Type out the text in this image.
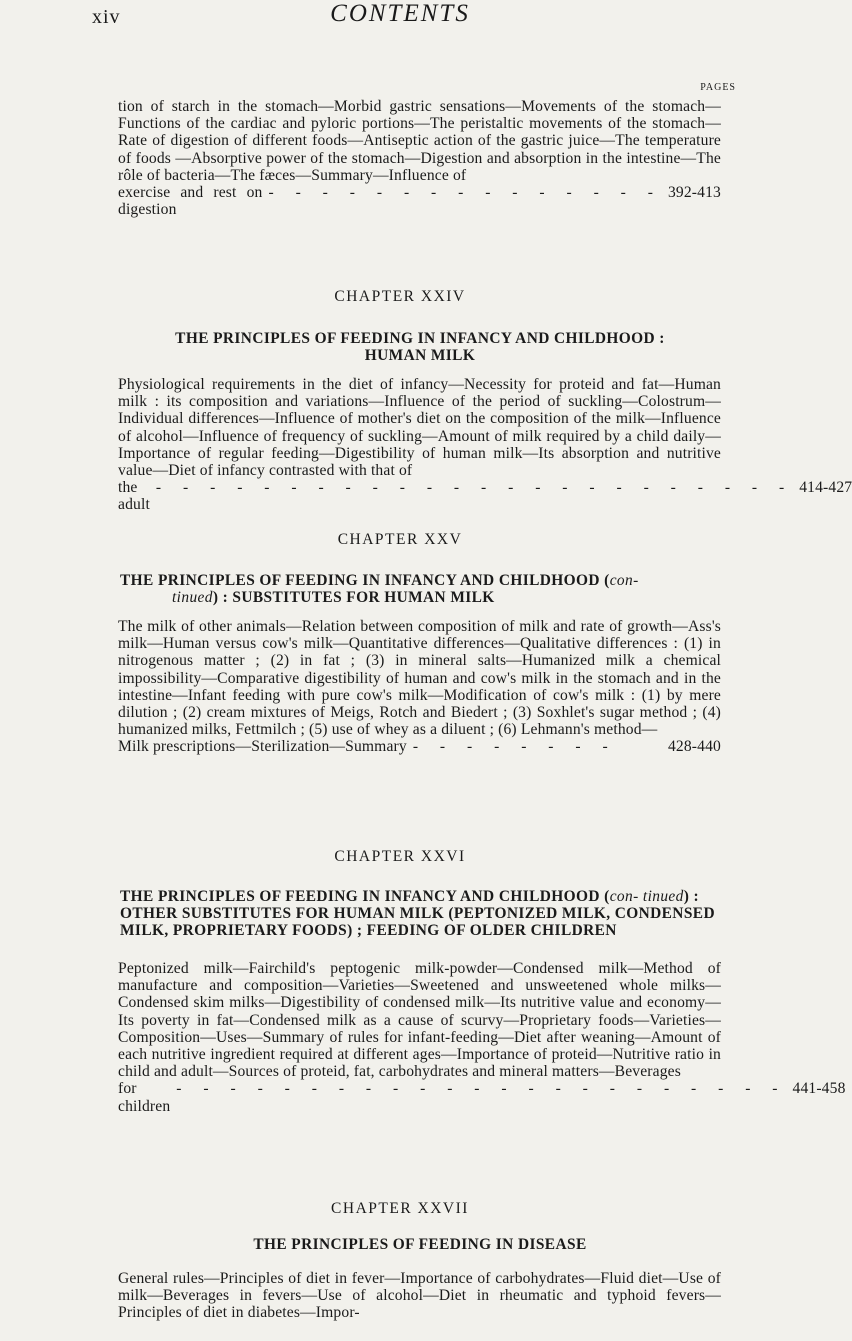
xiv	CONTENTS
PAGES
tion of starch in the stomach—Morbid gastric sensations—Movements of the stomach—Functions of the cardiac and pyloric portions—The peristaltic movements of the stomach—Rate of digestion of different foods—Antiseptic action of the gastric juice—The temperature of foods —Absorptive power of the stomach—Digestion and absorption in the intestine—The rôle of bacteria—The fæces—Summary—Influence of
exercise and rest on digestion
- - - - - - - - - - - - - - - 392-413
CHAPTER XXIV
THE PRINCIPLES OF FEEDING IN INFANCY AND CHILDHOOD :
HUMAN MILK
Physiological requirements in the diet of infancy—Necessity for proteid and fat—Human milk : its composition and variations—Influence of the period of suckling—Colostrum—Individual differences—Influence of mother's diet on the composition of the milk—Influence of alcohol—Influence of frequency of suckling—Amount of milk required by a child daily—Importance of regular feeding—Digestibility of human milk—Its absorption and nutritive value—Diet of infancy contrasted with that of
the adult
- - - - - - - - - - - - - - - - - - - - - - - - 414-427
CHAPTER XXV
THE PRINCIPLES OF FEEDING IN INFANCY AND CHILDHOOD (con-
tinued) : SUBSTITUTES FOR HUMAN MILK
The milk of other animals—Relation between composition of milk and rate of growth—Ass's milk—Human versus cow's milk—Quantitative differences—Qualitative differences : (1) in nitrogenous matter ; (2) in fat ; (3) in mineral salts—Humanized milk a chemical impossibility—Comparative digestibility of human and cow's milk in the stomach and in the intestine—Infant feeding with pure cow's milk—Modification of cow's milk : (1) by mere dilution ; (2) cream mixtures of Meigs, Rotch and Biedert ; (3) Soxhlet's sugar method ; (4) humanized milks, Fettmilch ; (5) use of whey as a diluent ; (6) Lehmann's method—
Milk prescriptions—Sterilization—Summary - - - - - - - -	428-440
CHAPTER XXVI
THE PRINCIPLES OF FEEDING IN INFANCY AND CHILDHOOD (con- tinued) : OTHER SUBSTITUTES FOR HUMAN MILK (PEPTONIZED MILK, CONDENSED MILK, PROPRIETARY FOODS) ; FEEDING OF OLDER CHILDREN
Peptonized milk—Fairchild's peptogenic milk-powder—Condensed milk—Method of manufacture and composition—Varieties—Sweetened and unsweetened whole milks—Condensed skim milks—Digestibility of condensed milk—Its nutritive value and economy—Its poverty in fat—Condensed milk as a cause of scurvy—Proprietary foods—Varieties—Composition—Uses—Summary of rules for infant-feeding—Diet after weaning—Amount of each nutritive ingredient required at different ages—Importance of proteid—Nutritive ratio in child and adult—Sources of proteid, fat, carbohydrates and mineral matters—Beverages
for children
- - - - - - - - - - - - - - - - - - - - - - - 441-458
CHAPTER XXVII
THE PRINCIPLES OF FEEDING IN DISEASE
General rules—Principles of diet in fever—Importance of carbohydrates—Fluid diet—Use of milk—Beverages in fevers—Use of alcohol—Diet in rheumatic and typhoid fevers—Principles of diet in diabetes—Impor-
